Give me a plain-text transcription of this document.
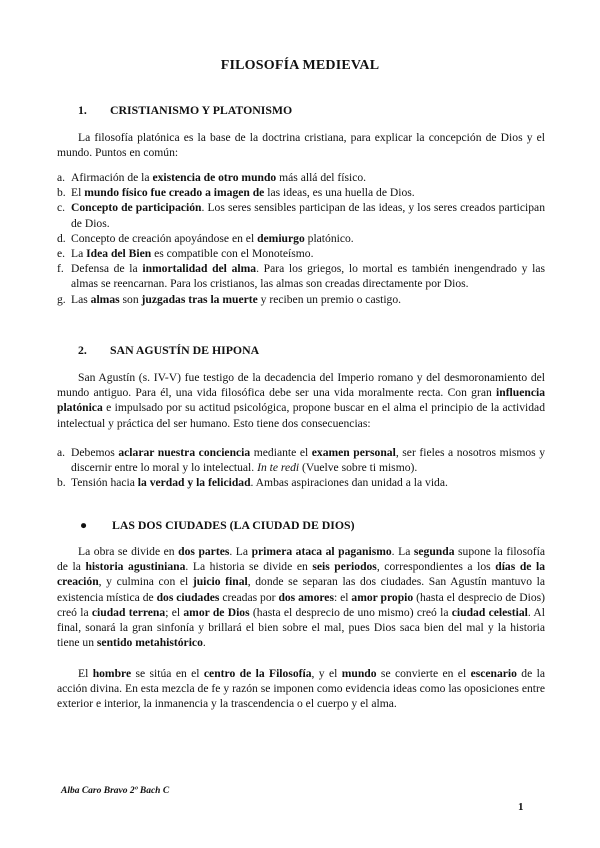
FILOSOFÍA MEDIEVAL
1. CRISTIANISMO Y PLATONISMO

La filosofía platónica es la base de la doctrina cristiana, para explicar la concepción de Dios y el mundo. Puntos en común:

a. Afirmación de la existencia de otro mundo más allá del físico.
b. El mundo físico fue creado a imagen de las ideas, es una huella de Dios.
c. Concepto de participación. Los seres sensibles participan de las ideas, y los seres creados participan de Dios.
d. Concepto de creación apoyándose en el demiurgo platónico.
e. La Idea del Bien es compatible con el Monoteísmo.
f. Defensa de la inmortalidad del alma. Para los griegos, lo mortal es también inengendrado y las almas se reencarnan. Para los cristianos, las almas son creadas directamente por Dios.
g. Las almas son juzgadas tras la muerte y reciben un premio o castigo.
2. SAN AGUSTÍN DE HIPONA

San Agustín (s. IV-V) fue testigo de la decadencia del Imperio romano y del desmoronamiento del mundo antiguo. Para él, una vida filosófica debe ser una vida moralmente recta. Con gran influencia platónica e impulsado por su actitud psicológica, propone buscar en el alma el principio de la actividad intelectual y práctica del ser humano. Esto tiene dos consecuencias:

a. Debemos aclarar nuestra conciencia mediante el examen personal, ser fieles a nosotros mismos y discernir entre lo moral y lo intelectual. In te redi (Vuelve sobre ti mismo).
b. Tensión hacia la verdad y la felicidad. Ambas aspiraciones dan unidad a la vida.
● LAS DOS CIUDADES (LA CIUDAD DE DIOS)

La obra se divide en dos partes. La primera ataca al paganismo. La segunda supone la filosofía de la historia agustiniana. La historia se divide en seis periodos, correspondientes a los días de la creación, y culmina con el juicio final, donde se separan las dos ciudades. San Agustín mantuvo la existencia mística de dos ciudades creadas por dos amores: el amor propio (hasta el desprecio de Dios) creó la ciudad terrena; el amor de Dios (hasta el desprecio de uno mismo) creó la ciudad celestial. Al final, sonará la gran sinfonía y brillará el bien sobre el mal, pues Dios saca bien del mal y la historia tiene un sentido metahistórico.

El hombre se sitúa en el centro de la Filosofía, y el mundo se convierte en el escenario de la acción divina. En esta mezcla de fe y razón se imponen como evidencia ideas como las oposiciones entre exterior e interior, la inmanencia y la trascendencia o el cuerpo y el alma.

Alba Caro Bravo 2º Bach C
1
